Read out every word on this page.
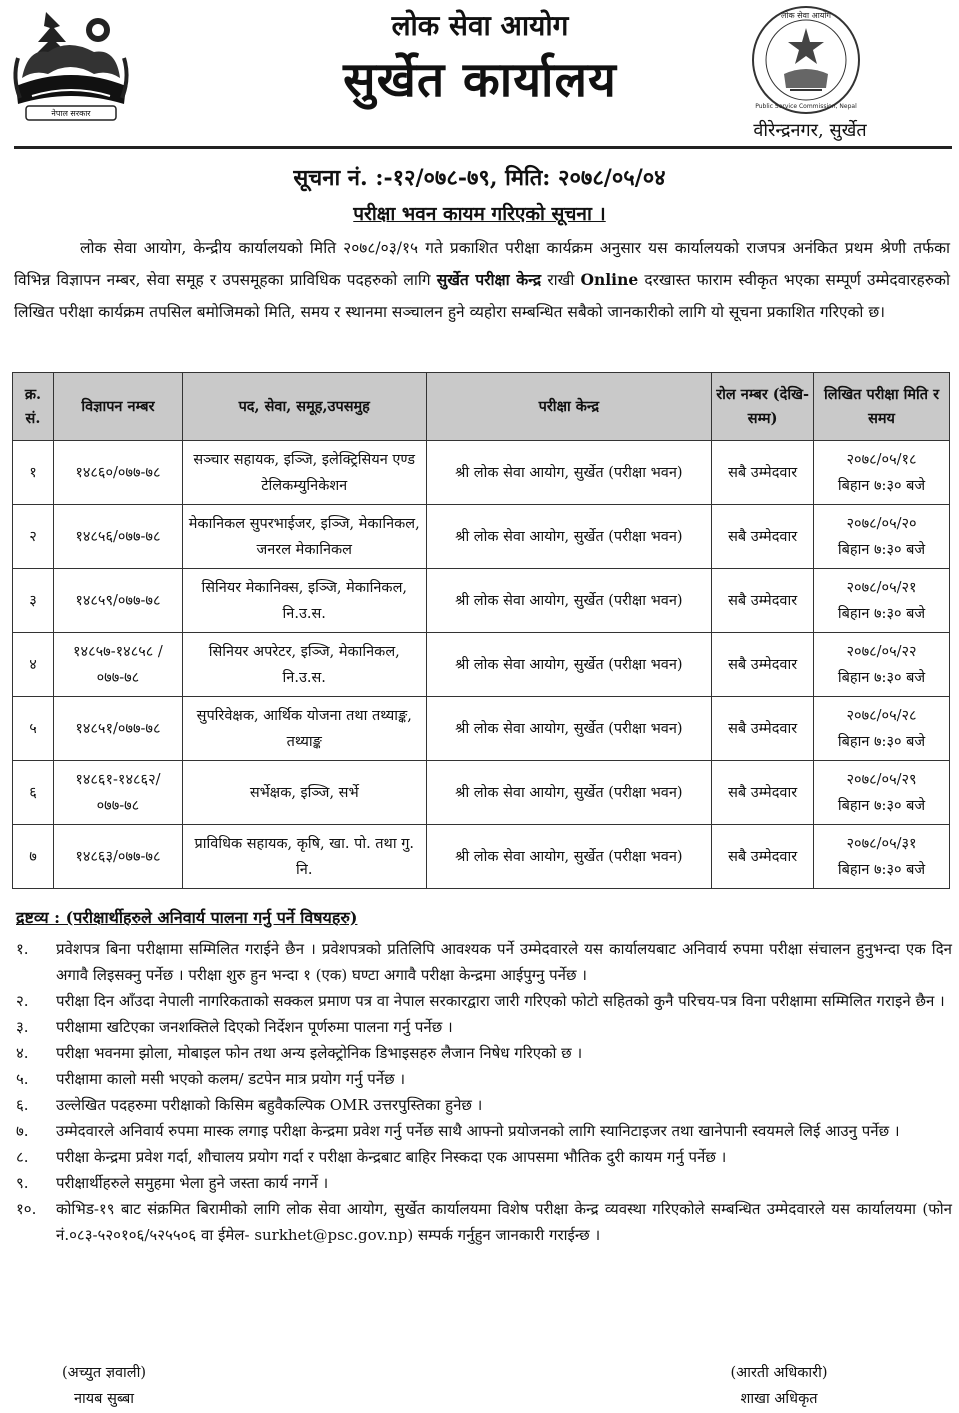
नेपाल सरकार
लोक सेवा आयोग
Public Service Commission, Nepal
लोक सेवा आयोग
सुर्खेत कार्यालय
वीरेन्द्रनगर, सुर्खेत
सूचना नं. :-१२/०७८-७९, मिति: २०७८/०५/०४
परीक्षा भवन कायम गरिएको सूचना ।

लोक सेवा आयोग, केन्द्रीय कार्यालयको मिति २०७८/०३/१५ गते प्रकाशित परीक्षा कार्यक्रम अनुसार यस कार्यालयको राजपत्र अनंकित प्रथम श्रेणी तर्फका विभिन्न विज्ञापन नम्बर, सेवा समूह र उपसमूहका प्राविधिक पदहरुको लागि सुर्खेत परीक्षा केन्द्र राखी Online दरखास्त फाराम स्वीकृत भएका सम्पूर्ण उम्मेदवारहरुको लिखित परीक्षा कार्यक्रम तपसिल बमोजिमको मिति, समय र स्थानमा सञ्चालन हुने व्यहोरा सम्बन्धित सबैको जानकारीको लागि यो सूचना प्रकाशित गरिएको छ।

क्र. सं.	विज्ञापन नम्बर	पद, सेवा, समूह,उपसमुह	परीक्षा केन्द्र	रोल नम्बर (देखि-सम्म)	लिखित परीक्षा मिति र समय
१	१४८६०/०७७-७८	सञ्चार सहायक, इञ्जि, इलेक्ट्रिसियन एण्ड टेलिकम्युनिकेशन	श्री लोक सेवा आयोग, सुर्खेत (परीक्षा भवन)	सबै उम्मेदवार	२०७८/०५/१८
बिहान ७:३० बजे

२	१४८५६/०७७-७८	मेकानिकल सुपरभाईजर, इञ्जि, मेकानिकल, जनरल मेकानिकल	श्री लोक सेवा आयोग, सुर्खेत (परीक्षा भवन)	सबै उम्मेदवार	२०७८/०५/२०
बिहान ७:३० बजे

३	१४८५९/०७७-७८	सिनियर मेकानिक्स, इञ्जि, मेकानिकल, नि.उ.स.	श्री लोक सेवा आयोग, सुर्खेत (परीक्षा भवन)	सबै उम्मेदवार	२०७८/०५/२१
बिहान ७:३० बजे

४	१४८५७-१४८५८ /०७७-७८	सिनियर अपरेटर, इञ्जि, मेकानिकल, नि.उ.स.	श्री लोक सेवा आयोग, सुर्खेत (परीक्षा भवन)	सबै उम्मेदवार	२०७८/०५/२२
बिहान ७:३० बजे

५	१४८५१/०७७-७८	सुपरिवेक्षक, आर्थिक योजना तथा तथ्याङ्क, तथ्याङ्क	श्री लोक सेवा आयोग, सुर्खेत (परीक्षा भवन)	सबै उम्मेदवार	२०७८/०५/२८
बिहान ७:३० बजे

६	१४८६१-१४८६२/ ०७७-७८	सर्भेक्षक, इञ्जि, सर्भे	श्री लोक सेवा आयोग, सुर्खेत (परीक्षा भवन)	सबै उम्मेदवार	२०७८/०५/२९
बिहान ७:३० बजे

७	१४८६३/०७७-७८	प्राविधिक सहायक, कृषि, खा. पो. तथा गु. नि.	श्री लोक सेवा आयोग, सुर्खेत (परीक्षा भवन)	सबै उम्मेदवार	२०७८/०५/३१
बिहान ७:३० बजे
द्रष्टव्य : (परीक्षार्थीहरुले अनिवार्य पालना गर्नु पर्ने विषयहरु)
१.	प्रवेशपत्र बिना परीक्षामा सम्मिलित गराईने छैन । प्रवेशपत्रको प्रतिलिपि आवश्यक पर्ने उम्मेदवारले यस कार्यालयबाट अनिवार्य रुपमा परीक्षा संचालन हुनुभन्दा एक दिन अगावै लिइसक्नु पर्नेछ । परीक्षा शुरु हुन भन्दा १ (एक) घण्टा अगावै परीक्षा केन्द्रमा आईपुग्नु पर्नेछ ।
२.	परीक्षा दिन आँउदा नेपाली नागरिकताको सक्कल प्रमाण पत्र वा नेपाल सरकारद्वारा जारी गरिएको फोटो सहितको कुनै परिचय-पत्र विना परीक्षामा सम्मिलित गराइने छैन ।
३.	परीक्षामा खटिएका जनशक्तिले दिएको निर्देशन पूर्णरुमा पालना गर्नु पर्नेछ ।
४.	परीक्षा भवनमा झोला, मोबाइल फोन तथा अन्य इलेक्ट्रोनिक डिभाइसहरु लैजान निषेध गरिएको छ ।
५.	परीक्षामा कालो मसी भएको कलम/ डटपेन मात्र प्रयोग गर्नु पर्नेछ ।
६.	उल्लेखित पदहरुमा परीक्षाको किसिम बहुवैकल्पिक OMR उत्तरपुस्तिका हुनेछ ।
७.	उम्मेदवारले अनिवार्य रुपमा मास्क लगाइ परीक्षा केन्द्रमा प्रवेश गर्नु पर्नेछ साथै आफ्नो प्रयोजनको लागि स्यानिटाइजर तथा खानेपानी स्वयमले लिई आउनु पर्नेछ ।
८.	परीक्षा केन्द्रमा प्रवेश गर्दा, शौचालय प्रयोग गर्दा र परीक्षा केन्द्रबाट बाहिर निस्कदा एक आपसमा भौतिक दुरी कायम गर्नु पर्नेछ ।
९.	परीक्षार्थीहरुले समुहमा भेला हुने जस्ता कार्य नगर्ने ।
१०.	कोभिड-१९ बाट संक्रमित बिरामीको लागि लोक सेवा आयोग, सुर्खेत कार्यालयमा विशेष परीक्षा केन्द्र व्यवस्था गरिएकोले सम्बन्धित उम्मेदवारले यस कार्यालयमा (फोन नं.०८३-५२०१०६/५२५५०६ वा ईमेल- surkhet@psc.gov.np) सम्पर्क गर्नुहुन जानकारी गराईन्छ ।
(अच्युत ज्ञवाली)
नायब सुब्बा
(आरती अधिकारी)
शाखा अधिकृत
